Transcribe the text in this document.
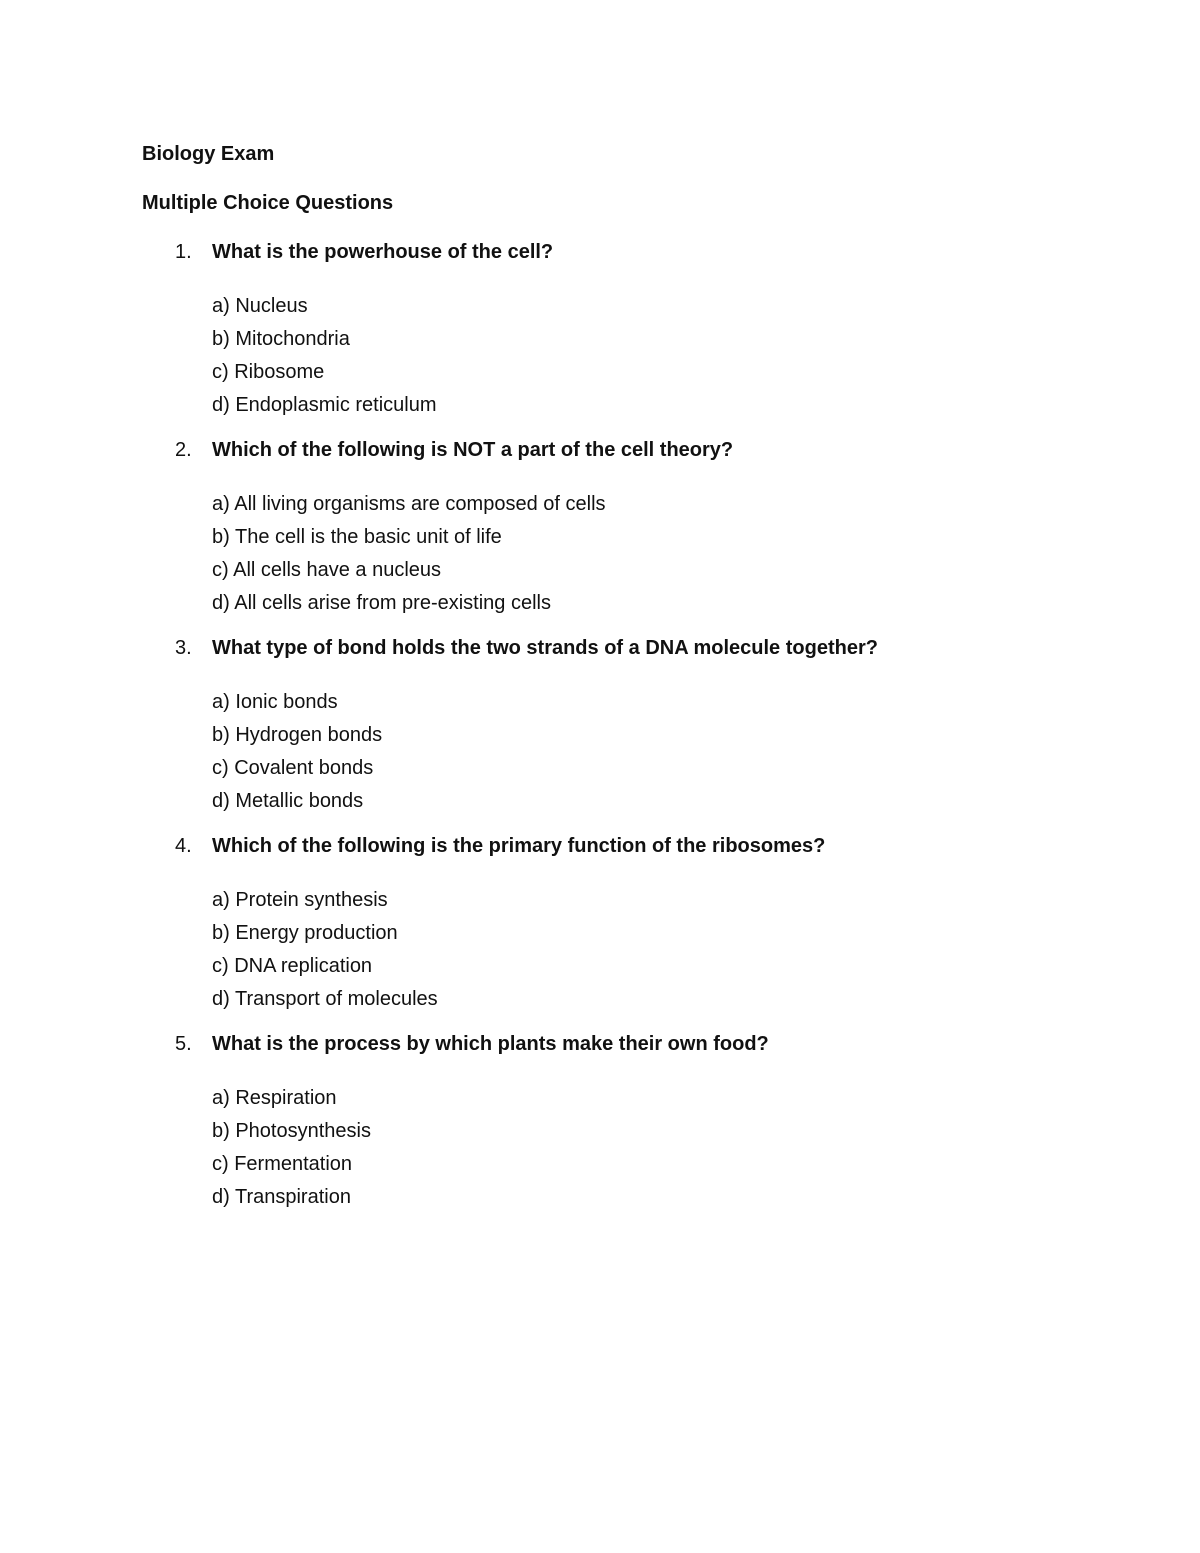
Biology Exam
Multiple Choice Questions
1. What is the powerhouse of the cell?
a) Nucleus
b) Mitochondria
c) Ribosome
d) Endoplasmic reticulum
2. Which of the following is NOT a part of the cell theory?
a) All living organisms are composed of cells
b) The cell is the basic unit of life
c) All cells have a nucleus
d) All cells arise from pre-existing cells
3. What type of bond holds the two strands of a DNA molecule together?
a) Ionic bonds
b) Hydrogen bonds
c) Covalent bonds
d) Metallic bonds
4. Which of the following is the primary function of the ribosomes?
a) Protein synthesis
b) Energy production
c) DNA replication
d) Transport of molecules
5. What is the process by which plants make their own food?
a) Respiration
b) Photosynthesis
c) Fermentation
d) Transpiration
